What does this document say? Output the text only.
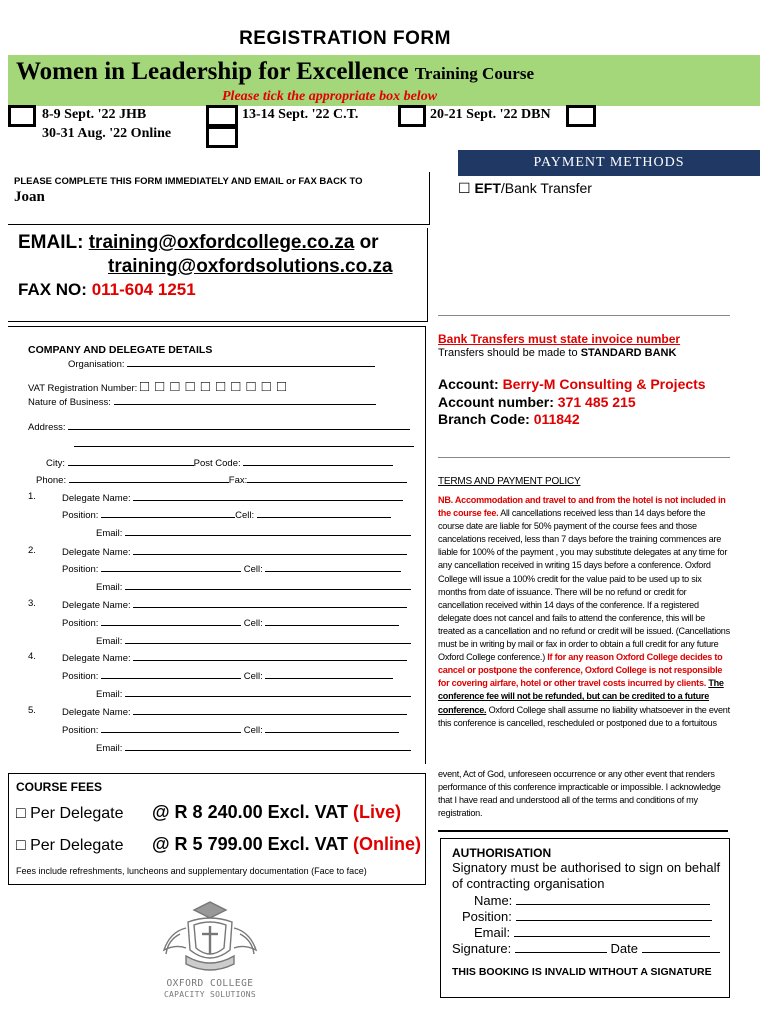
REGISTRATION FORM
Women in Leadership for Excellence Training Course
Please tick the appropriate box below
8-9 Sept. '22 JHB	13-14 Sept. '22 C.T.	20-21 Sept. '22 DBN
30-31 Aug. '22 Online
PAYMENT METHODS
☐ EFT/Bank Transfer
PLEASE COMPLETE THIS FORM IMMEDIATELY AND EMAIL or FAX BACK TO
Joan
EMAIL: training@oxfordcollege.co.za or
training@oxfordsolutions.co.za
FAX NO: 011-604 1251
COMPANY AND DELEGATE DETAILS
Organisation:
VAT Registration Number: □ □ □ □ □ □ □ □ □ □
Nature of Business:
Address:
City:	Post Code:
Phone:	Fax:
1.	Delegate Name:
Position:	Cell:
Email:
2.	Delegate Name:
Position:	Cell:
Email:
3.	Delegate Name:
Position:	Cell:
Email:
4.	Delegate Name:
Position:	Cell:
Email:
5.	Delegate Name:
Position:	Cell:
Email:
Bank Transfers must state invoice number
Transfers should be made to STANDARD BANK
Account: Berry-M Consulting & Projects
Account number: 371 485 215
Branch Code: 011842
TERMS AND PAYMENT POLICY
NB. Accommodation and travel to and from the hotel is not included in the course fee. All cancellations received less than 14 days before the course date are liable for 50% payment of the course fees and those cancelations received, less than 7 days before the training commences are liable for 100% of the payment , you may substitute delegates at any time for any cancellation received in writing 15 days before a conference. Oxford College will issue a 100% credit for the value paid to be used up to six months from date of issuance. There will be no refund or credit for cancellation received within 14 days of the conference. If a registered delegate does not cancel and fails to attend the conference, this will be treated as a cancellation and no refund or credit will be issued. (Cancellations must be in writing by mail or fax in order to obtain a full credit for any future Oxford College conference.) If for any reason Oxford College decides to cancel or postpone the conference, Oxford College is not responsible for covering airfare, hotel or other travel costs incurred by clients. The conference fee will not be refunded, but can be credited to a future conference. Oxford College shall assume no liability whatsoever in the event this conference is cancelled, rescheduled or postponed due to a fortuitous
event, Act of God, unforeseen occurrence or any other event that renders performance of this conference impracticable or impossible. I acknowledge that I have read and understood all of the terms and conditions of my registration.
COURSE FEES
□ Per Delegate @ R 8 240.00 Excl. VAT (Live)
□ Per Delegate @ R 5 799.00 Excl. VAT (Online)
Fees include refreshments, luncheons and supplementary documentation (Face to face)
AUTHORISATION
Signatory must be authorised to sign on behalf of contracting organisation
Name:
Position:
Email:
Signature:	Date
THIS BOOKING IS INVALID WITHOUT A SIGNATURE
OXFORD COLLEGE
CAPACITY SOLUTIONS
